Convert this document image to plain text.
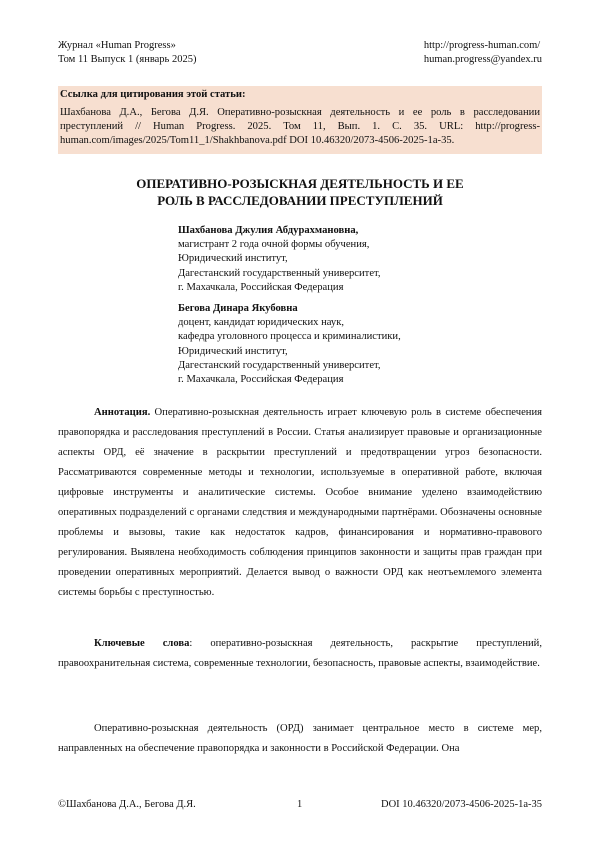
Журнал «Human Progress»
Том 11 Выпуск 1 (январь 2025)
http://progress-human.com/
human.progress@yandex.ru
Ссылка для цитирования этой статьи:
Шахбанова Д.А., Бегова Д.Я. Оперативно-розыскная деятельность и ее роль в расследовании преступлений // Human Progress. 2025. Том 11, Вып. 1. С. 35. URL: http://progress-human.com/images/2025/Tom11_1/Shakhbanova.pdf DOI 10.46320/2073-4506-2025-1a-35.
ОПЕРАТИВНО-РОЗЫСКНАЯ ДЕЯТЕЛЬНОСТЬ И ЕЕ
РОЛЬ В РАССЛЕДОВАНИИ ПРЕСТУПЛЕНИЙ
Шахбанова Джулия Абдурахмановна,
магистрант 2 года очной формы обучения,
Юридический институт,
Дагестанский государственный университет,
г. Махачкала, Российская Федерация
Бегова Динара Якубовна
доцент, кандидат юридических наук,
кафедра уголовного процесса и криминалистики,
Юридический институт,
Дагестанский государственный университет,
г. Махачкала, Российская Федерация

Аннотация. Оперативно-розыскная деятельность играет ключевую роль в системе обеспечения правопорядка и расследования преступлений в России. Статья анализирует правовые и организационные аспекты ОРД, её значение в раскрытии преступлений и предотвращении угроз безопасности. Рассматриваются современные методы и технологии, используемые в оперативной работе, включая цифровые инструменты и аналитические системы. Особое внимание уделено взаимодействию оперативных подразделений с органами следствия и международными партнёрами. Обозначены основные проблемы и вызовы, такие как недостаток кадров, финансирования и нормативно-правового регулирования. Выявлена необходимость соблюдения принципов законности и защиты прав граждан при проведении оперативных мероприятий. Делается вывод о важности ОРД как неотъемлемого элемента системы борьбы с преступностью.

Ключевые слова: оперативно-розыскная деятельность, раскрытие преступлений, правоохранительная система, современные технологии, безопасность, правовые аспекты, взаимодействие.

Оперативно-розыскная деятельность (ОРД) занимает центральное место в системе мер, направленных на обеспечение правопорядка и законности в Российской Федерации. Она

©Шахбанова Д.А., Бегова Д.Я.	1	DOI 10.46320/2073-4506-2025-1a-35
